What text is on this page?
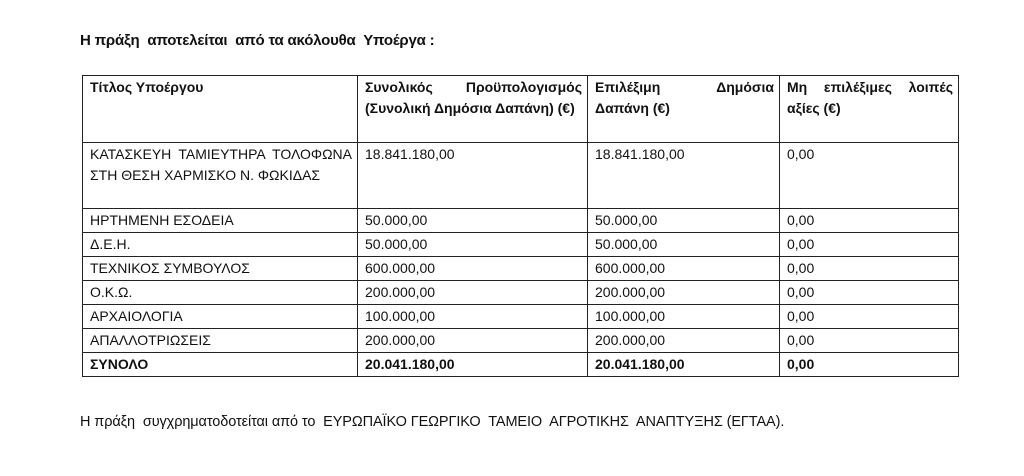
Η πράξη  αποτελείται  από τα ακόλουθα  Υποέργα :
Τίτλος Υποέργου	Συνολικός Προϋπολογισμός (Συνολική Δημόσια Δαπάνη) (€)	Επιλέξιμη Δημόσια Δαπάνη (€)	Μη επιλέξιμες λοιπές αξίες (€)
ΚΑΤΑΣΚΕΥΗ ΤΑΜΙΕΥΤΗΡΑ ΤΟΛΟΦΩΝΑ ΣΤΗ ΘΕΣΗ ΧΑΡΜΙΣΚΟ Ν. ΦΩΚΙΔΑΣ	18.841.180,00	18.841.180,00	0,00
ΗΡΤΗΜΕΝΗ ΕΣΟΔΕΙΑ	50.000,00	50.000,00	0,00
Δ.Ε.Η.	50.000,00	50.000,00	0,00
ΤΕΧΝΙΚΟΣ ΣΥΜΒΟΥΛΟΣ	600.000,00	600.000,00	0,00
Ο.Κ.Ω.	200.000,00	200.000,00	0,00
ΑΡΧΑΙΟΛΟΓΙΑ	100.000,00	100.000,00	0,00
ΑΠΑΛΛΟΤΡΙΩΣΕΙΣ	200.000,00	200.000,00	0,00
ΣΥΝΟΛΟ	20.041.180,00	20.041.180,00	0,00
Η πράξη  συγχρηματοδοτείται από το  ΕΥΡΩΠΑΪΚΟ ΓΕΩΡΓΙΚΟ  ΤΑΜΕΙΟ  ΑΓΡΟΤΙΚΗΣ  ΑΝΑΠΤΥΞΗΣ (ΕΓΤΑΑ).
